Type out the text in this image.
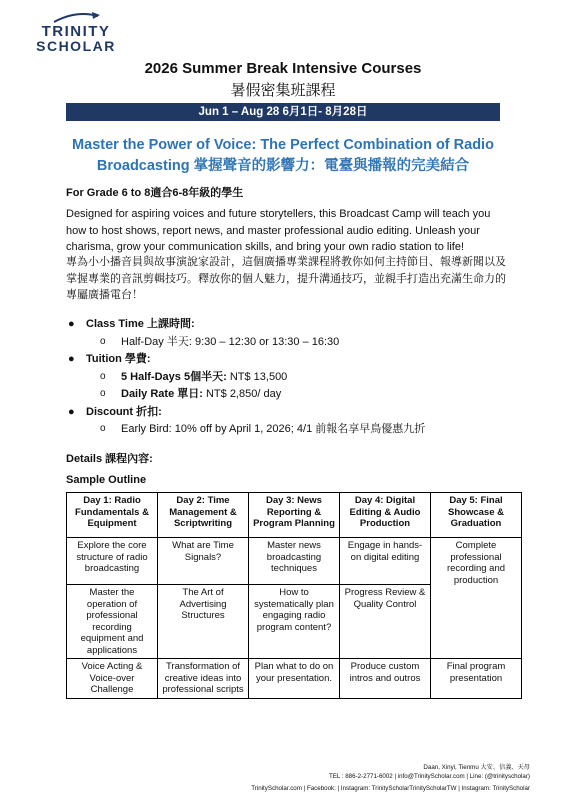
TRINITY
SCHOLAR
2026 Summer Break Intensive Courses
暑假密集班課程
Jun 1 – Aug 28 6月1日- 8月28日
Master the Power of Voice: The Perfect Combination of Radio
Broadcasting 掌握聲音的影響力：電臺與播報的完美結合
For Grade 6 to 8適合6-8年級的學生
Designed for aspiring voices and future storytellers, this Broadcast Camp will teach you how to host shows, report news, and master professional audio editing. Unleash your charisma, grow your communication skills, and bring your own radio station to life!
專為小小播音員與故事演說家設計，這個廣播專業課程將教你如何主持節目、報導新聞以及掌握專業的音訊剪輯技巧。釋放你的個人魅力，提升溝通技巧，並親手打造出充滿生命力的專屬廣播電台！
● Class Time 上課時間:
o Half-Day 半天: 9:30 – 12:30 or 13:30 – 16:30
● Tuition 學費:
o 5 Half-Days 5個半天: NT$ 13,500
o Daily Rate 單日: NT$ 2,850/ day
● Discount 折扣:
o Early Bird: 10% off by April 1, 2026; 4/1 前報名享早鳥優惠九折
Details 課程內容:
Sample Outline
Day 1: Radio Fundamentals & Equipment	Day 2: Time Management & Scriptwriting	Day 3: News Reporting & Program Planning	Day 4: Digital Editing & Audio Production	Day 5: Final Showcase & Graduation
Explore the core structure of radio broadcasting	What are Time Signals?	Master news broadcasting techniques	Engage in hands-on digital editing	Complete professional recording and production
Master the operation of professional recording equipment and applications	The Art of Advertising Structures	How to systematically plan engaging radio program content?	Progress Review & Quality Control	
Voice Acting & Voice-over Challenge	Transformation of creative ideas into professional scripts	Plan what to do on your presentation.	Produce custom intros and outros	Final program presentation
Daan, Xinyi, Tienmu 大安、信義、天母
TEL : 886-2-2771-6002 | info@TrinityScholar.com | Line: (@trinityscholar)
TrinityScholar.com | Facebook: | Instagram: TrinityScholarTrinityScholarTW | Instagram: TrinityScholar
